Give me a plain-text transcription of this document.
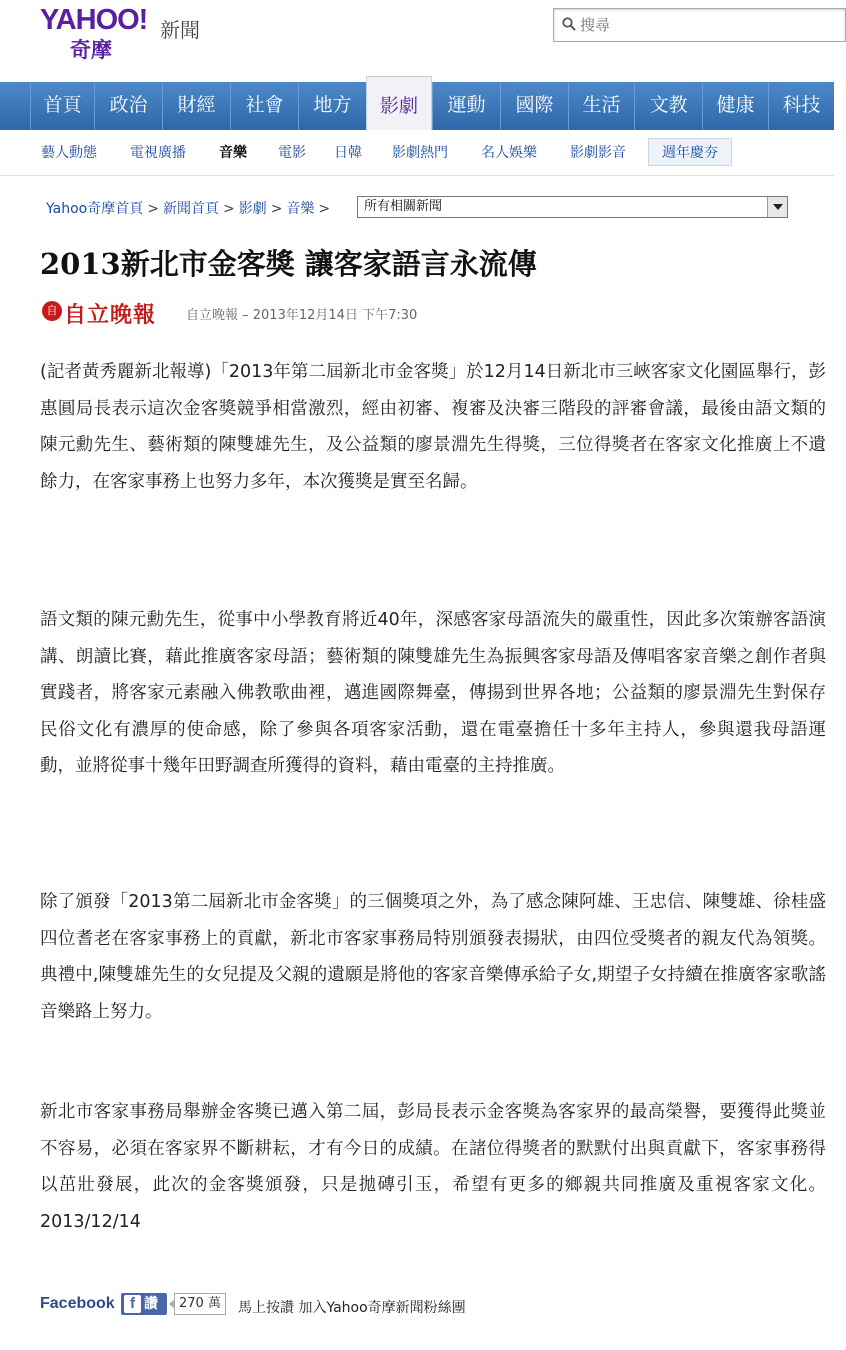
YAHOO!
奇摩
新聞
搜尋
首頁	政治	財經	社會	地方	影劇	運動	國際	生活	文教	健康	科技
藝人動態 電視廣播 音樂 電影 日韓 影劇熱門 名人娛樂 影劇影音	週年慶夯
Yahoo奇摩首頁 > 新聞首頁 > 影劇 > 音樂 >	所有相關新聞
2013新北市金客獎 讓客家語言永流傳
自 自立晚報 自立晚報 – 2013年12月14日 下午7:30
(記者黃秀麗新北報導)「2013年第二屆新北市金客獎」於12月14日新北市三峽客家文化園區舉行，彭惠圓局長表示這次金客獎競爭相當激烈，經由初審、複審及決審三階段的評審會議，最後由語文類的陳元勳先生、藝術類的陳雙雄先生，及公益類的廖景淵先生得獎，三位得獎者在客家文化推廣上不遺餘力，在客家事務上也努力多年，本次獲獎是實至名歸。
語文類的陳元勳先生，從事中小學教育將近40年，深感客家母語流失的嚴重性，因此多次策辦客語演講、朗讀比賽，藉此推廣客家母語；藝術類的陳雙雄先生為振興客家母語及傳唱客家音樂之創作者與實踐者，將客家元素融入佛教歌曲裡，邁進國際舞臺，傳揚到世界各地；公益類的廖景淵先生對保存民俗文化有濃厚的使命感，除了參與各項客家活動，還在電臺擔任十多年主持人，參與還我母語運動，並將從事十幾年田野調查所獲得的資料，藉由電臺的主持推廣。
除了頒發「2013第二屆新北市金客獎」的三個獎項之外，為了感念陳阿雄、王忠信、陳雙雄、徐桂盛四位耆老在客家事務上的貢獻，新北市客家事務局特別頒發表揚狀，由四位受獎者的親友代為領獎。典禮中,陳雙雄先生的女兒提及父親的遺願是將他的客家音樂傳承給子女,期望子女持續在推廣客家歌謠音樂路上努力。
新北市客家事務局舉辦金客獎已邁入第二屆，彭局長表示金客獎為客家界的最高榮譽，要獲得此獎並不容易，必須在客家界不斷耕耘，才有今日的成績。在諸位得獎者的默默付出與貢獻下，客家事務得以茁壯發展，此次的金客獎頒發，只是拋磚引玉，希望有更多的鄉親共同推廣及重視客家文化。2013/12/14
Facebook	f 讚	270 萬	馬上按讚 加入Yahoo奇摩新聞粉絲團
